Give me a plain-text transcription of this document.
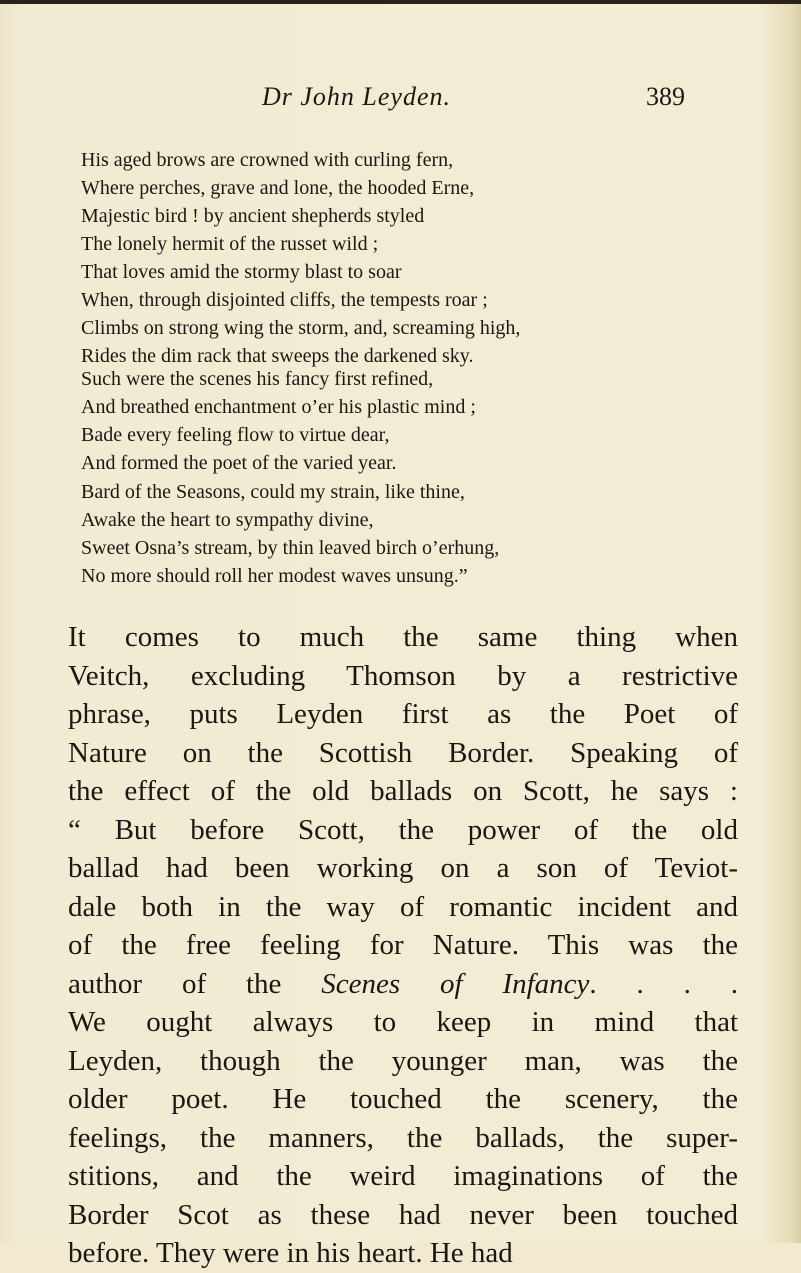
Dr John Leyden.	389
His aged brows are crowned with curling fern,
Where perches, grave and lone, the hooded Erne,
Majestic bird ! by ancient shepherds styled
The lonely hermit of the russet wild ;
That loves amid the stormy blast to soar
When, through disjointed cliffs, the tempests roar ;
Climbs on strong wing the storm, and, screaming high,
Rides the dim rack that sweeps the darkened sky.
Such were the scenes his fancy first refined,
And breathed enchantment o’er his plastic mind ;
Bade every feeling flow to virtue dear,
And formed the poet of the varied year.
Bard of the Seasons, could my strain, like thine,
Awake the heart to sympathy divine,
Sweet Osna’s stream, by thin leaved birch o’erhung,
No more should roll her modest waves unsung.”
It comes to much the same thing when
Veitch, excluding Thomson by a restrictive
phrase, puts Leyden first as the Poet of
Nature on the Scottish Border. Speaking of
the effect of the old ballads on Scott, he says :
“ But before Scott, the power of the old
ballad had been working on a son of Teviot-
dale both in the way of romantic incident and
of the free feeling for Nature. This was the
author of the Scenes of Infancy. . . .
We ought always to keep in mind that
Leyden, though the younger man, was the
older poet. He touched the scenery, the
feelings, the manners, the ballads, the super-
stitions, and the weird imaginations of the
Border Scot as these had never been touched
before. They were in his heart. He had
